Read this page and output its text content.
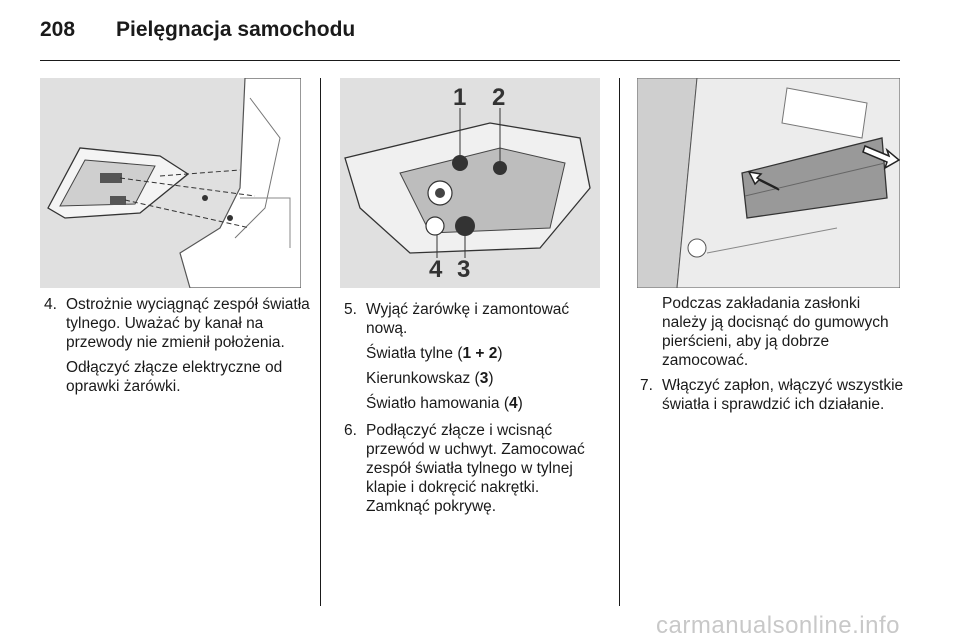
208 Pielęgnacja samochodu
1 2
4 3
4. Ostrożnie wyciągnąć zespół światła tylnego. Uważać by kanał na przewody nie zmienił położenia.

Odłączyć złącze elektryczne od oprawki żarówki.

5. Wyjąć żarówkę i zamontować nową.

Światła tylne (1 + 2)

Kierunkowskaz (3)

Światło hamowania (4)

6. Podłączyć złącze i wcisnąć przewód w uchwyt. Zamocować zespół światła tylnego w tylnej klapie i dokręcić nakrętki.

Zamknąć pokrywę.

Podczas zakładania zasłonki należy ją docisnąć do gumowych pierścieni, aby ją dobrze zamocować.

7. Włączyć zapłon, włączyć wszystkie światła i sprawdzić ich działanie.

carmanualsonline.info
